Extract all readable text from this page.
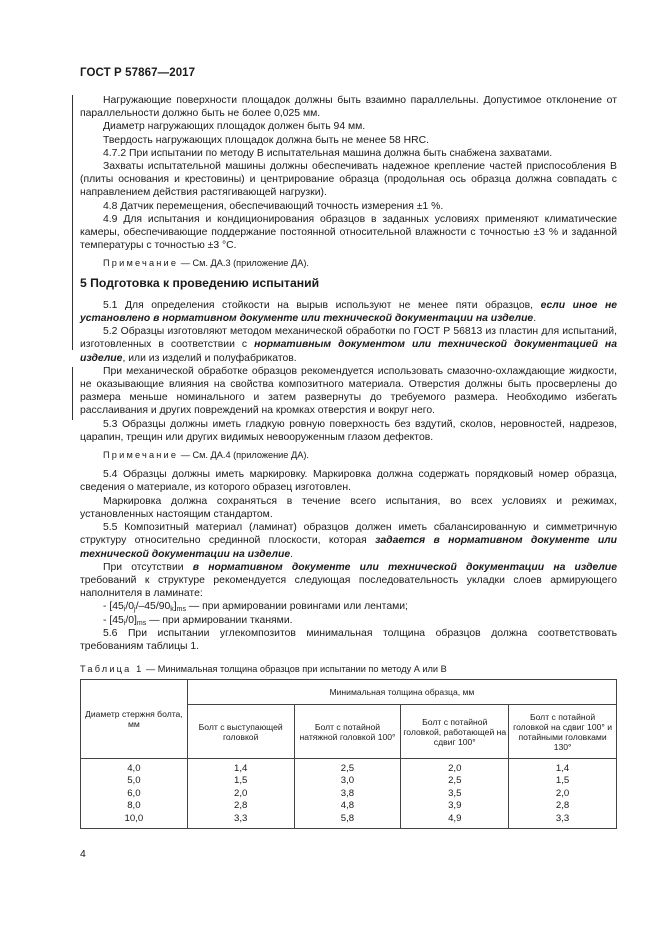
ГОСТ Р 57867—2017

Нагружающие поверхности площадок должны быть взаимно параллельны. Допустимое отклонение от параллельности должно быть не более 0,025 мм.

Диаметр нагружающих площадок должен быть 94 мм.

Твердость нагружающих площадок должна быть не менее 58 HRC.

4.7.2 При испытании по методу В испытательная машина должна быть снабжена захватами.

Захваты испытательной машины должны обеспечивать надежное крепление частей приспособления В (плиты основания и крестовины) и центрирование образца (продольная ось образца должна совпадать с направлением действия растягивающей нагрузки).

4.8 Датчик перемещения, обеспечивающий точность измерения ±1 %.

4.9 Для испытания и кондиционирования образцов в заданных условиях применяют климатические камеры, обеспечивающие поддержание постоянной относительной влажности с точностью ±3 % и заданной температуры с точностью ±3 °С.

Примечание — См. ДА.3 (приложение ДА).

5 Подготовка к проведению испытаний

5.1 Для определения стойкости на вырыв используют не менее пяти образцов, если иное не установлено в нормативном документе или технической документации на изделие.

5.2 Образцы изготовляют методом механической обработки по ГОСТ Р 56813 из пластин для испытаний, изготовленных в соответствии с нормативным документом или технической документацией на изделие, или из изделий и полуфабрикатов.

При механической обработке образцов рекомендуется использовать смазочно-охлаждающие жидкости, не оказывающие влияния на свойства композитного материала. Отверстия должны быть просверлены до размера меньше номинального и затем развернуты до требуемого размера. Необходимо избегать расслаивания и других повреждений на кромках отверстия и вокруг него.

5.3 Образцы должны иметь гладкую ровную поверхность без вздутий, сколов, неровностей, надрезов, царапин, трещин или других видимых невооруженным глазом дефектов.

Примечание — См. ДА.4 (приложение ДА).

5.4 Образцы должны иметь маркировку. Маркировка должна содержать порядковый номер образца, сведения о материале, из которого образец изготовлен.

Маркировка должна сохраняться в течение всего испытания, во всех условиях и режимах, установленных настоящим стандартом.

5.5 Композитный материал (ламинат) образцов должен иметь сбалансированную и симметричную структуру относительно срединной плоскости, которая задается в нормативном документе или технической документации на изделие.

При отсутствии в нормативном документе или технической документации на изделие требований к структуре рекомендуется следующая последовательность укладки слоев армирующего наполнителя в ламинате:

- $[45_i/0_j/-45/90_k]_{ms}$ — при армировании ровингами или лентами;

- $[45_i/0]_{ms}$ — при армировании тканями.

5.6 При испытании углекомпозитов минимальная толщина образцов должна соответствовать требованиям таблицы 1.

Таблица 1 — Минимальная толщина образцов при испытании по методу А или В
Диаметр стержня болта, мм	Минимальная толщина образца, мм			
	Болт с выступающей головкой	Болт с потайной натяжной головкой 100°	Болт с потайной головкой, работающей на сдвиг 100°	Болт с потайной головкой на сдвиг 100° и потайными головками 130°
4,0	1,4	2,5	2,0	1,4
5,0	1,5	3,0	2,5	1,5
6,0	2,0	3,8	3,5	2,0
8,0	2,8	4,8	3,9	2,8
10,0	3,3	5,8	4,9	3,3
4
